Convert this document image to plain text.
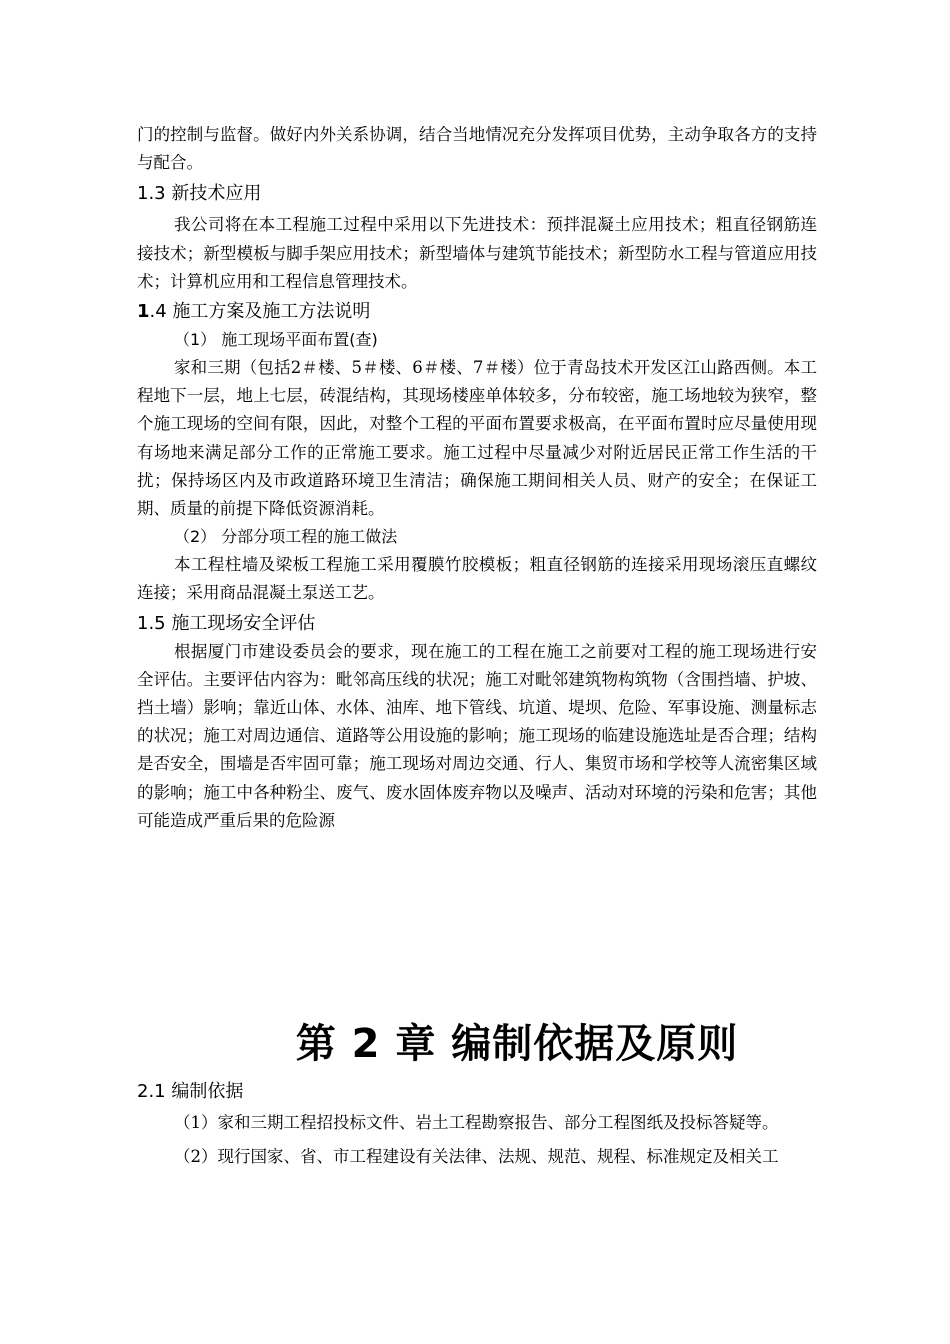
门的控制与监督。做好内外关系协调，结合当地情况充分发挥项目优势，主动争取各方的支持与配合。

1.3 新技术应用

我公司将在本工程施工过程中采用以下先进技术：预拌混凝土应用技术；粗直径钢筋连接技术；新型模板与脚手架应用技术；新型墙体与建筑节能技术；新型防水工程与管道应用技术；计算机应用和工程信息管理技术。

1.4 施工方案及施工方法说明

（1） 施工现场平面布置(查)

家和三期（包括2＃楼、5＃楼、6＃楼、7＃楼）位于青岛技术开发区江山路西侧。本工程地下一层，地上七层，砖混结构，其现场楼座单体较多，分布较密，施工场地较为狭窄，整个施工现场的空间有限，因此，对整个工程的平面布置要求极高，在平面布置时应尽量使用现有场地来满足部分工作的正常施工要求。施工过程中尽量减少对附近居民正常工作生活的干扰；保持场区内及市政道路环境卫生清洁；确保施工期间相关人员、财产的安全；在保证工期、质量的前提下降低资源消耗。

（2） 分部分项工程的施工做法

本工程柱墙及梁板工程施工采用覆膜竹胶模板；粗直径钢筋的连接采用现场滚压直螺纹连接；采用商品混凝土泵送工艺。

1.5 施工现场安全评估

根据厦门市建设委员会的要求，现在施工的工程在施工之前要对工程的施工现场进行安全评估。主要评估内容为：毗邻高压线的状况；施工对毗邻建筑物构筑物（含围挡墙、护坡、挡土墙）影响；靠近山体、水体、油库、地下管线、坑道、堤坝、危险、军事设施、测量标志的状况；施工对周边通信、道路等公用设施的影响；施工现场的临建设施选址是否合理；结构是否安全，围墙是否牢固可靠；施工现场对周边交通、行人、集贸市场和学校等人流密集区域的影响；施工中各种粉尘、废气、废水固体废弃物以及噪声、活动对环境的污染和危害；其他可能造成严重后果的危险源

第 2 章 编制依据及原则

2.1 编制依据

（1）家和三期工程招投标文件、岩土工程勘察报告、部分工程图纸及投标答疑等。

（2）现行国家、省、市工程建设有关法律、法规、规范、规程、标准规定及相关工
